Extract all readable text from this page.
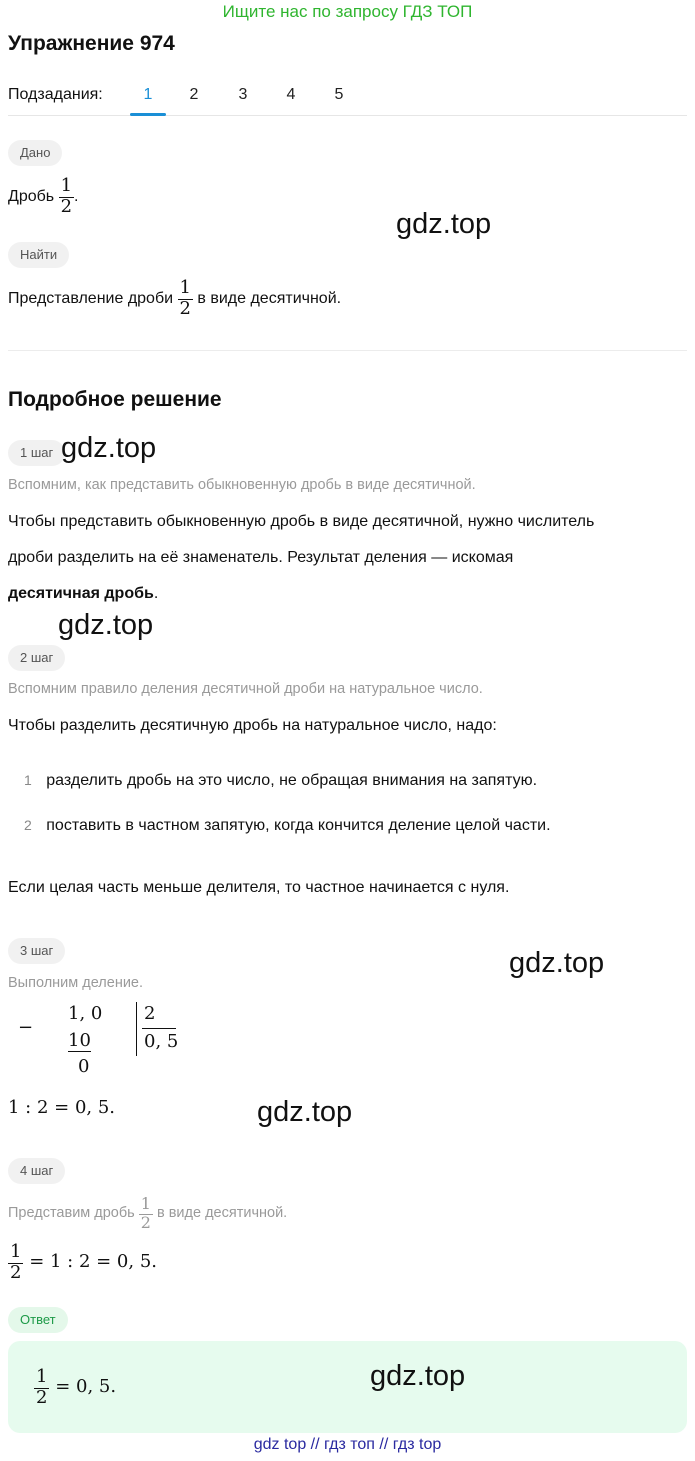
Ищите нас по запросу ГДЗ ТОП
Упражнение 974
Подзадания:	1	2	3	4	5
Дано
Дробь $\frac{1}{2}$ .
Найти
Представление дроби $\frac{1}{2}$ в виде десятичной.
Подробное решение
1 шаг
Вспомним, как представить обыкновенную дробь в виде десятичной.
Чтобы представить обыкновенную дробь в виде десятичной, нужно числитель
дроби разделить на её знаменатель. Результат деления — искомая
десятичная дробь.
2 шаг
Вспомним правило деления десятичной дроби на натуральное число.
Чтобы разделить десятичную дробь на натуральное число, надо:
1 разделить дробь на это число, не обращая внимания на запятую.
2 поставить в частном запятую, когда кончится деление целой части.
Если целая часть меньше делителя, то частное начинается с нуля.
3 шаг
Выполним деление.
−
1, 0
10
0
2
0, 5
1 : 2 = 0, 5.
4 шаг
Представим дробь $\frac{1}{2}$ в виде десятичной.
$\frac{1}{2} = 1$ : 2 = 0, 5.
Ответ
$\frac{1}{2} = 0$, 5.
gdz.top
gdz.top
gdz.top
gdz.top
gdz.top
gdz.top
gdz top // гдз топ // гдз top
